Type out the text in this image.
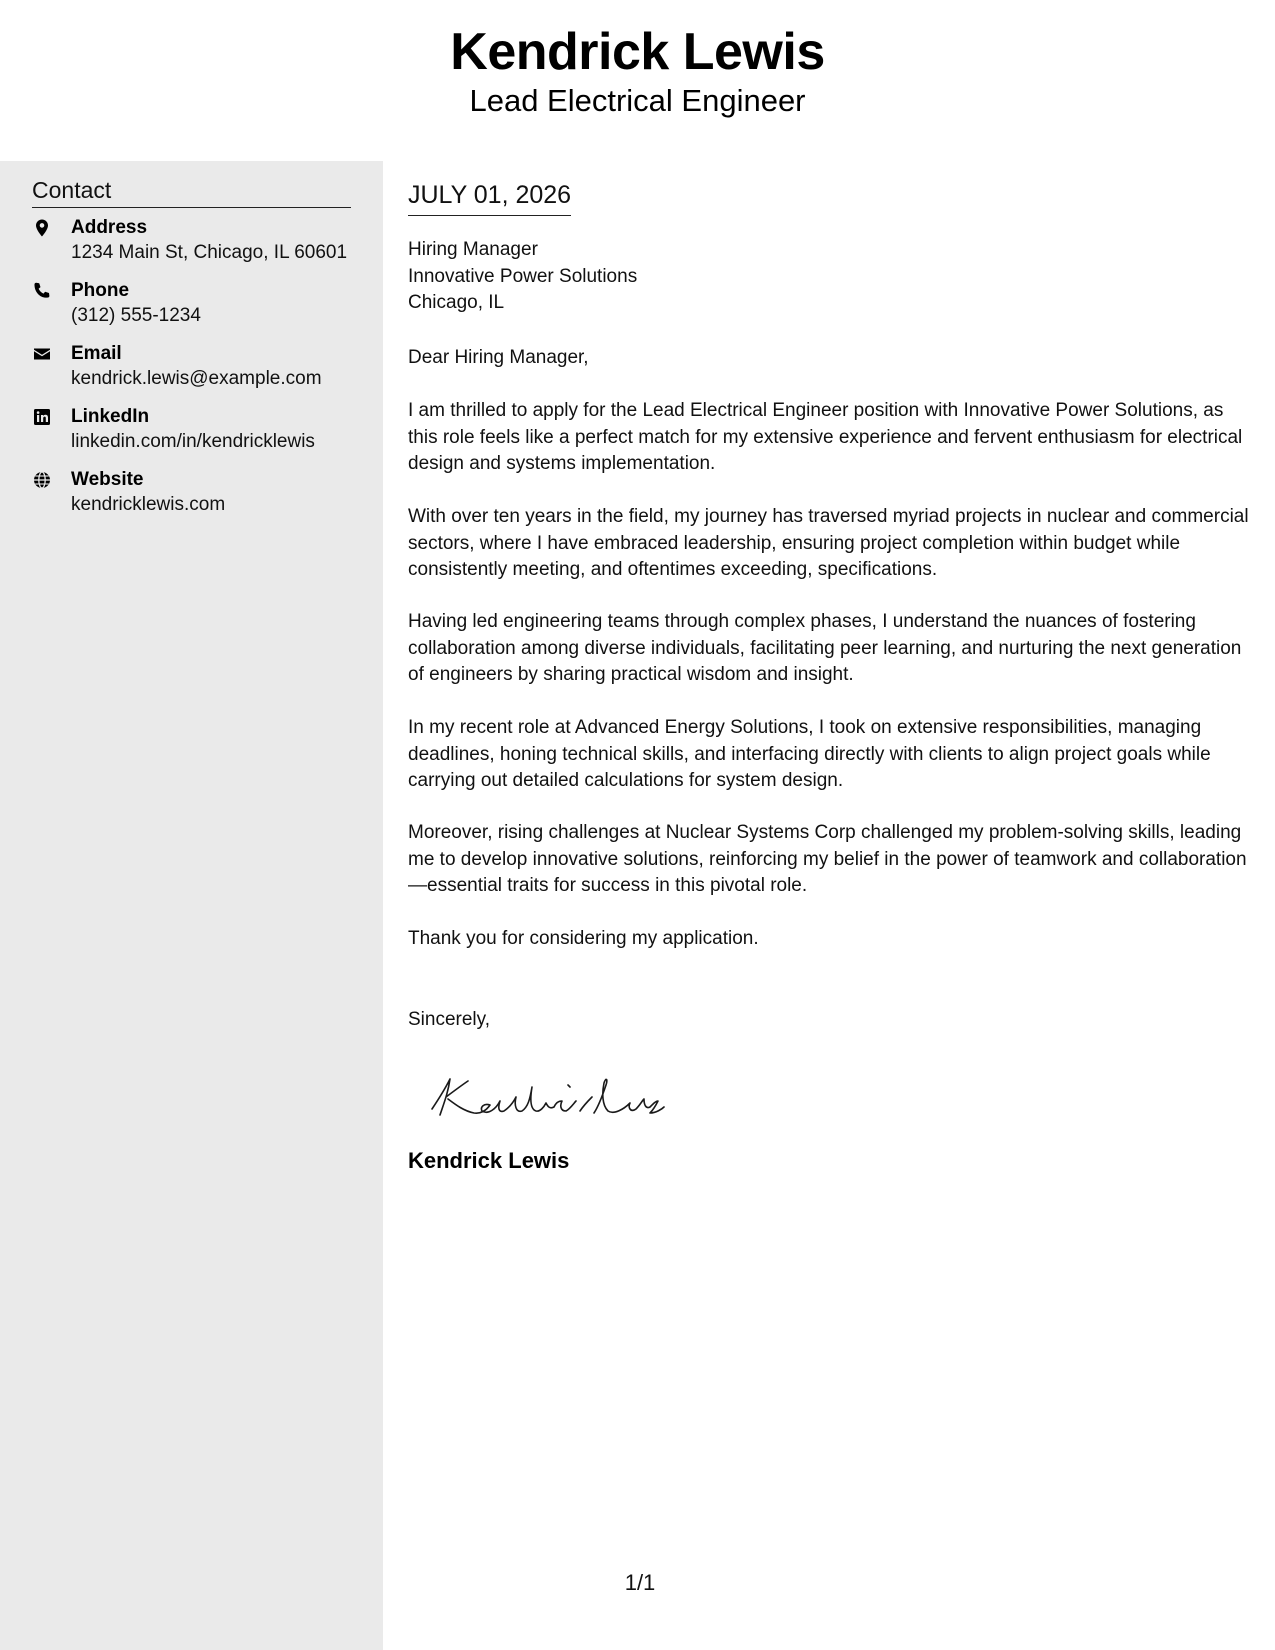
Kendrick Lewis
Lead Electrical Engineer
Contact
Address
1234 Main St, Chicago, IL 60601
Phone
(312) 555-1234
Email
kendrick.lewis@example.com
LinkedIn
linkedin.com/in/kendricklewis
Website
kendricklewis.com
JULY 01, 2026
Hiring Manager
Innovative Power Solutions
Chicago, IL
Dear Hiring Manager,
I am thrilled to apply for the Lead Electrical Engineer position with Innovative Power Solutions, as this role feels like a perfect match for my extensive experience and fervent enthusiasm for electrical design and systems implementation.
With over ten years in the field, my journey has traversed myriad projects in nuclear and commercial sectors, where I have embraced leadership, ensuring project completion within budget while consistently meeting, and oftentimes exceeding, specifications.
Having led engineering teams through complex phases, I understand the nuances of fostering collaboration among diverse individuals, facilitating peer learning, and nurturing the next generation of engineers by sharing practical wisdom and insight.
In my recent role at Advanced Energy Solutions, I took on extensive responsibilities, managing deadlines, honing technical skills, and interfacing directly with clients to align project goals while carrying out detailed calculations for system design.
Moreover, rising challenges at Nuclear Systems Corp challenged my problem-solving skills, leading me to develop innovative solutions, reinforcing my belief in the power of teamwork and collaboration—essential traits for success in this pivotal role.
Thank you for considering my application.
Sincerely,
Kendrick Lewis
1/1
